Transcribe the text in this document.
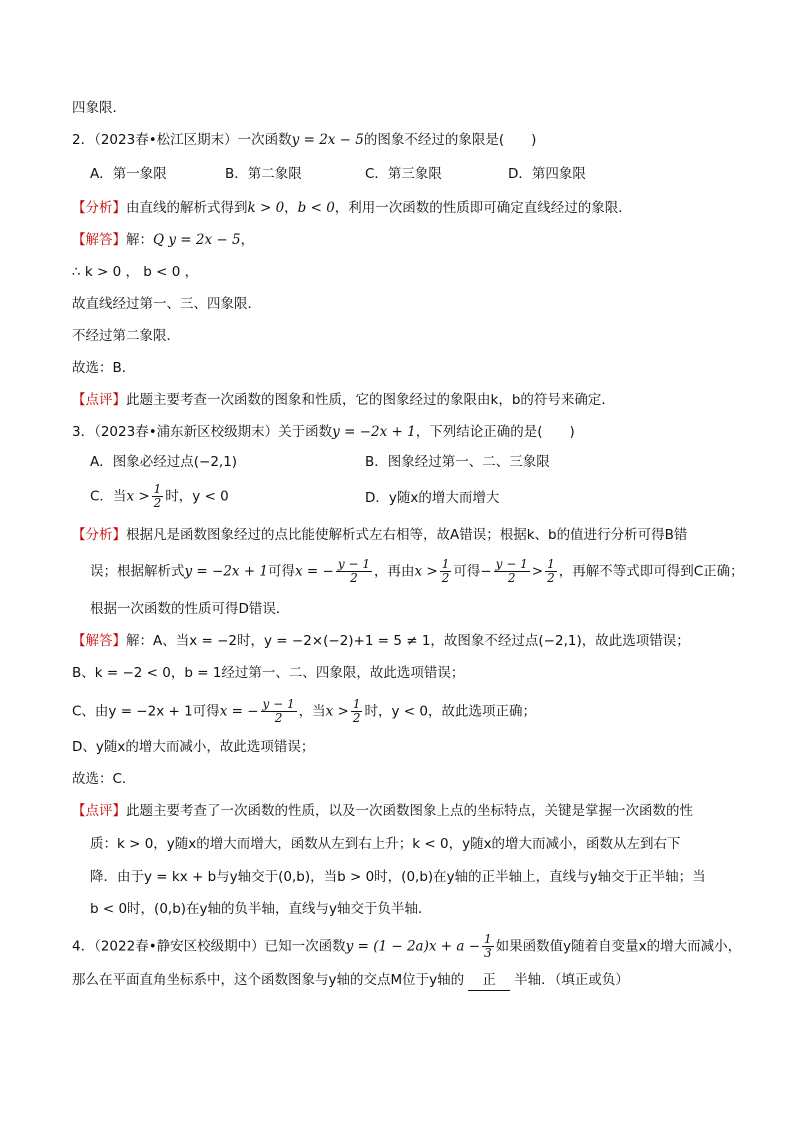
四象限．
2．（2023春•松江区期末）一次函数y = 2x − 5的图象不经过的象限是(　　)
A．第一象限	B．第二象限	C．第三象限	D．第四象限
【分析】由直线的解析式得到k > 0，b < 0，利用一次函数的性质即可确定直线经过的象限．
【解答】解：Q y = 2x − 5，
∴ k > 0 ， b < 0 ，
故直线经过第一、三、四象限．
不经过第二象限．
故选：B．
【点评】此题主要考查一次函数的图象和性质，它的图象经过的象限由k，b的符号来确定．
3．（2023春•浦东新区校级期末）关于函数y = −2x + 1，下列结论正确的是(　　)
A．图象必经过点(−2,1)	B．图象经过第一、二、三象限
C．当$x > \frac{1}{2}$ 时，y < 0	D．y随x的增大而增大
【分析】根据凡是函数图象经过的点比能使解析式左右相等，故A错误；根据k、b的值进行分析可得B错
误；根据解析式y = −2x + 1可得x = − $\frac{y - 1}{2}$ ，再由$x > \frac{1}{2}$ 可得− $\frac{y - 1}{2} > \frac{1}{2}$ ，再解不等式即可得到C正确；
根据一次函数的性质可得D错误．
【解答】解：A、当x = −2时，y = −2×(−2)+1 = 5 ≠ 1，故图象不经过点(−2,1)，故此选项错误；
B、k = −2 < 0，b = 1经过第一、二、四象限，故此选项错误；
C、由y = −2x + 1可得x = − $\frac{y - 1}{2}$ ，当$x > \frac{1}{2}$ 时，y < 0，故此选项正确；
D、y随x的增大而减小，故此选项错误；
故选：C．
【点评】此题主要考查了一次函数的性质，以及一次函数图象上点的坐标特点，关键是掌握一次函数的性
质：k > 0，y随x的增大而增大，函数从左到右上升；k < 0，y随x的增大而减小，函数从左到右下
降．由于y = kx + b与y轴交于(0,b)，当b > 0时，(0,b)在y轴的正半轴上，直线与y轴交于正半轴；当
b < 0时，(0,b)在y轴的负半轴，直线与y轴交于负半轴．
4．（2022春•静安区校级期中）已知一次函数$y = (1 - 2a)x + a - \frac{1}{3}$ 如果函数值y随着自变量x的增大而减小，
那么在平面直角坐标系中，这个函数图象与y轴的交点M位于y轴的 正 半轴．（填正或负）
